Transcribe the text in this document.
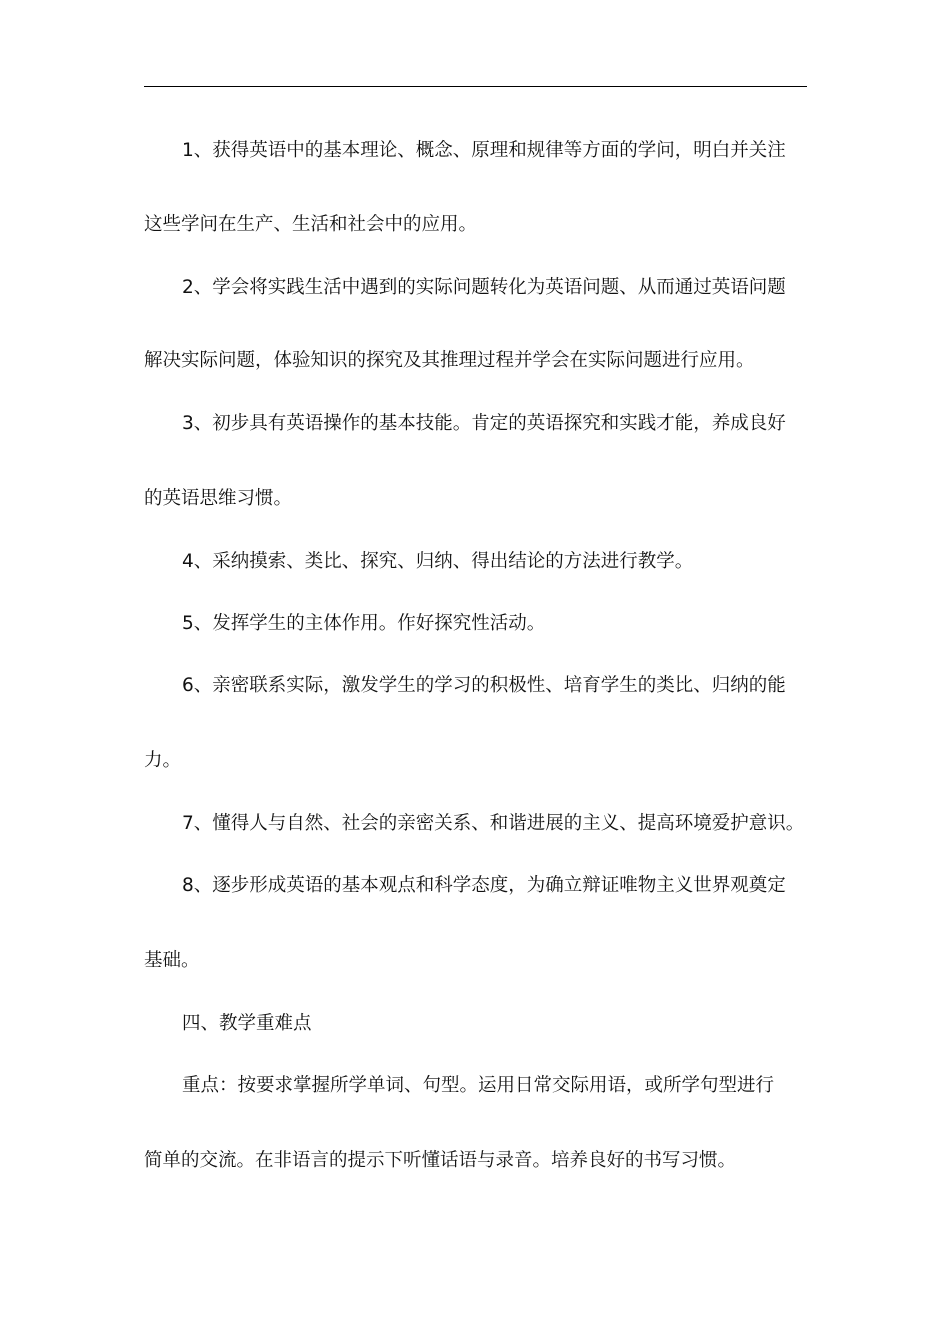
1、获得英语中的基本理论、概念、原理和规律等方面的学问，明白并关注
这些学问在生产、生活和社会中的应用。
2、学会将实践生活中遇到的实际问题转化为英语问题、从而通过英语问题
解决实际问题，体验知识的探究及其推理过程并学会在实际问题进行应用。
3、初步具有英语操作的基本技能。肯定的英语探究和实践才能，养成良好
的英语思维习惯。
4、采纳摸索、类比、探究、归纳、得出结论的方法进行教学。
5、发挥学生的主体作用。作好探究性活动。
6、亲密联系实际，激发学生的学习的积极性、培育学生的类比、归纳的能
力。
7、懂得人与自然、社会的亲密关系、和谐进展的主义、提高环境爱护意识。
8、逐步形成英语的基本观点和科学态度，为确立辩证唯物主义世界观奠定
基础。
四、教学重难点
重点：按要求掌握所学单词、句型。运用日常交际用语，或所学句型进行
简单的交流。在非语言的提示下听懂话语与录音。培养良好的书写习惯。
